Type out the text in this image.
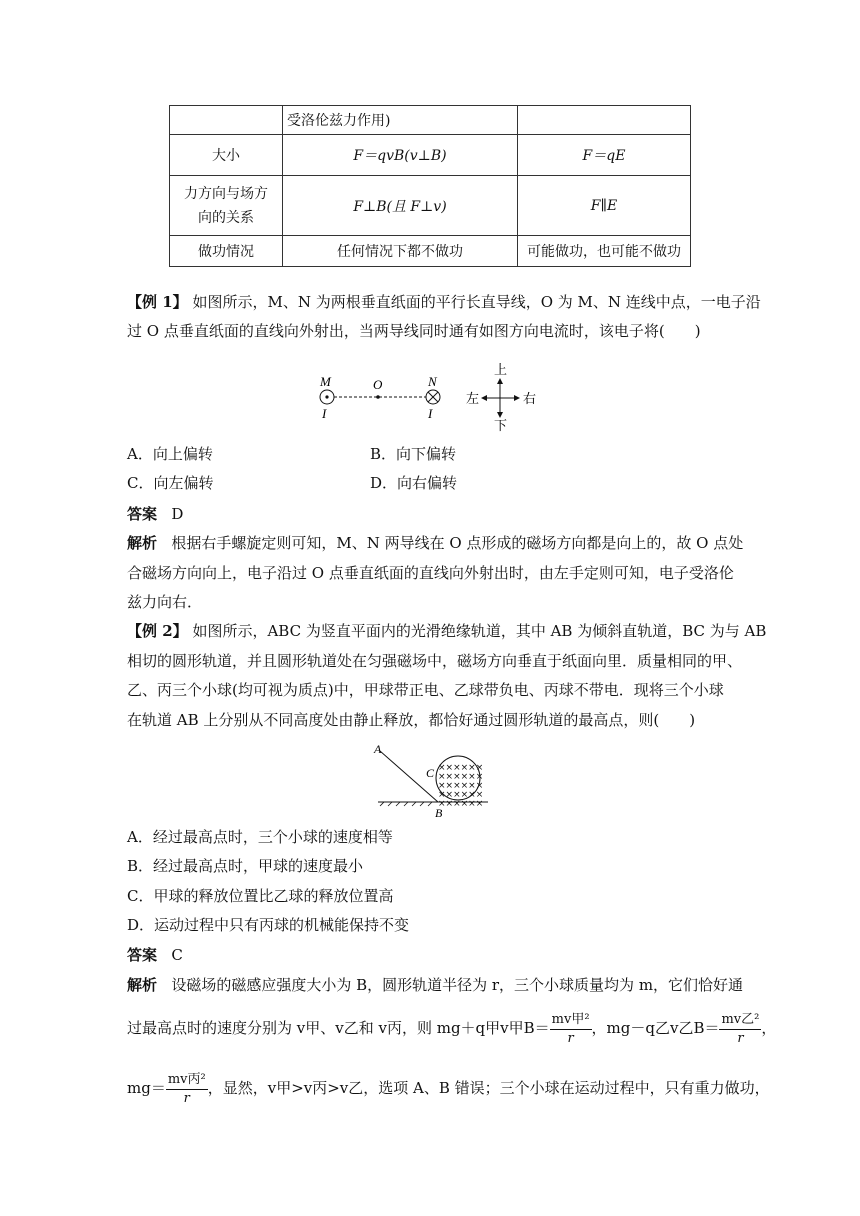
	受洛伦兹力作用)	
大小	F＝qvB(v⊥B)	F＝qE
力方向与场方
向的关系	F⊥B(且 F⊥v)	F∥E
做功情况	任何情况下都不做功	可能做功，也可能不做功
【例 1】 如图所示，M、N 为两根垂直纸面的平行长直导线，O 为 M、N 连线中点，一电子沿
过 O 点垂直纸面的直线向外射出，当两导线同时通有如图方向电流时，该电子将(　　)
M
I
O	N
I
上
下
左	右
A．向上偏转	B．向下偏转
C．向左偏转	D．向右偏转
答案 D
解析 根据右手螺旋定则可知，M、N 两导线在 O 点形成的磁场方向都是向上的，故 O 点处
合磁场方向向上，电子沿过 O 点垂直纸面的直线向外射出时，由左手定则可知，电子受洛伦
兹力向右．
【例 2】 如图所示，ABC 为竖直平面内的光滑绝缘轨道，其中 AB 为倾斜直轨道，BC 为与 AB
相切的圆形轨道，并且圆形轨道处在匀强磁场中，磁场方向垂直于纸面向里．质量相同的甲、
乙、丙三个小球(均可视为质点)中，甲球带正电、乙球带负电、丙球不带电．现将三个小球
在轨道 AB 上分别从不同高度处由静止释放，都恰好通过圆形轨道的最高点，则(　　)
××××××
××××××
××××××
××××××
××××××
A
B
C
A．经过最高点时，三个小球的速度相等
B．经过最高点时，甲球的速度最小
C．甲球的释放位置比乙球的释放位置高
D．运动过程中只有丙球的机械能保持不变
答案 C
解析 设磁场的磁感应强度大小为 B，圆形轨道半径为 r，三个小球质量均为 m，它们恰好通
过最高点时的速度分别为 v甲、v乙和 v丙，则 mg＋q甲v甲$B= \frac{\text{mv甲²}}{r}$ ，mg－q乙v乙$B= \frac{\text{mv乙²}}{r}$ ，
$mg= \frac{\text{mv丙²}}{r}$ ，显然，v甲>v丙>v乙，选项 A、B 错误；三个小球在运动过程中，只有重力做功，
